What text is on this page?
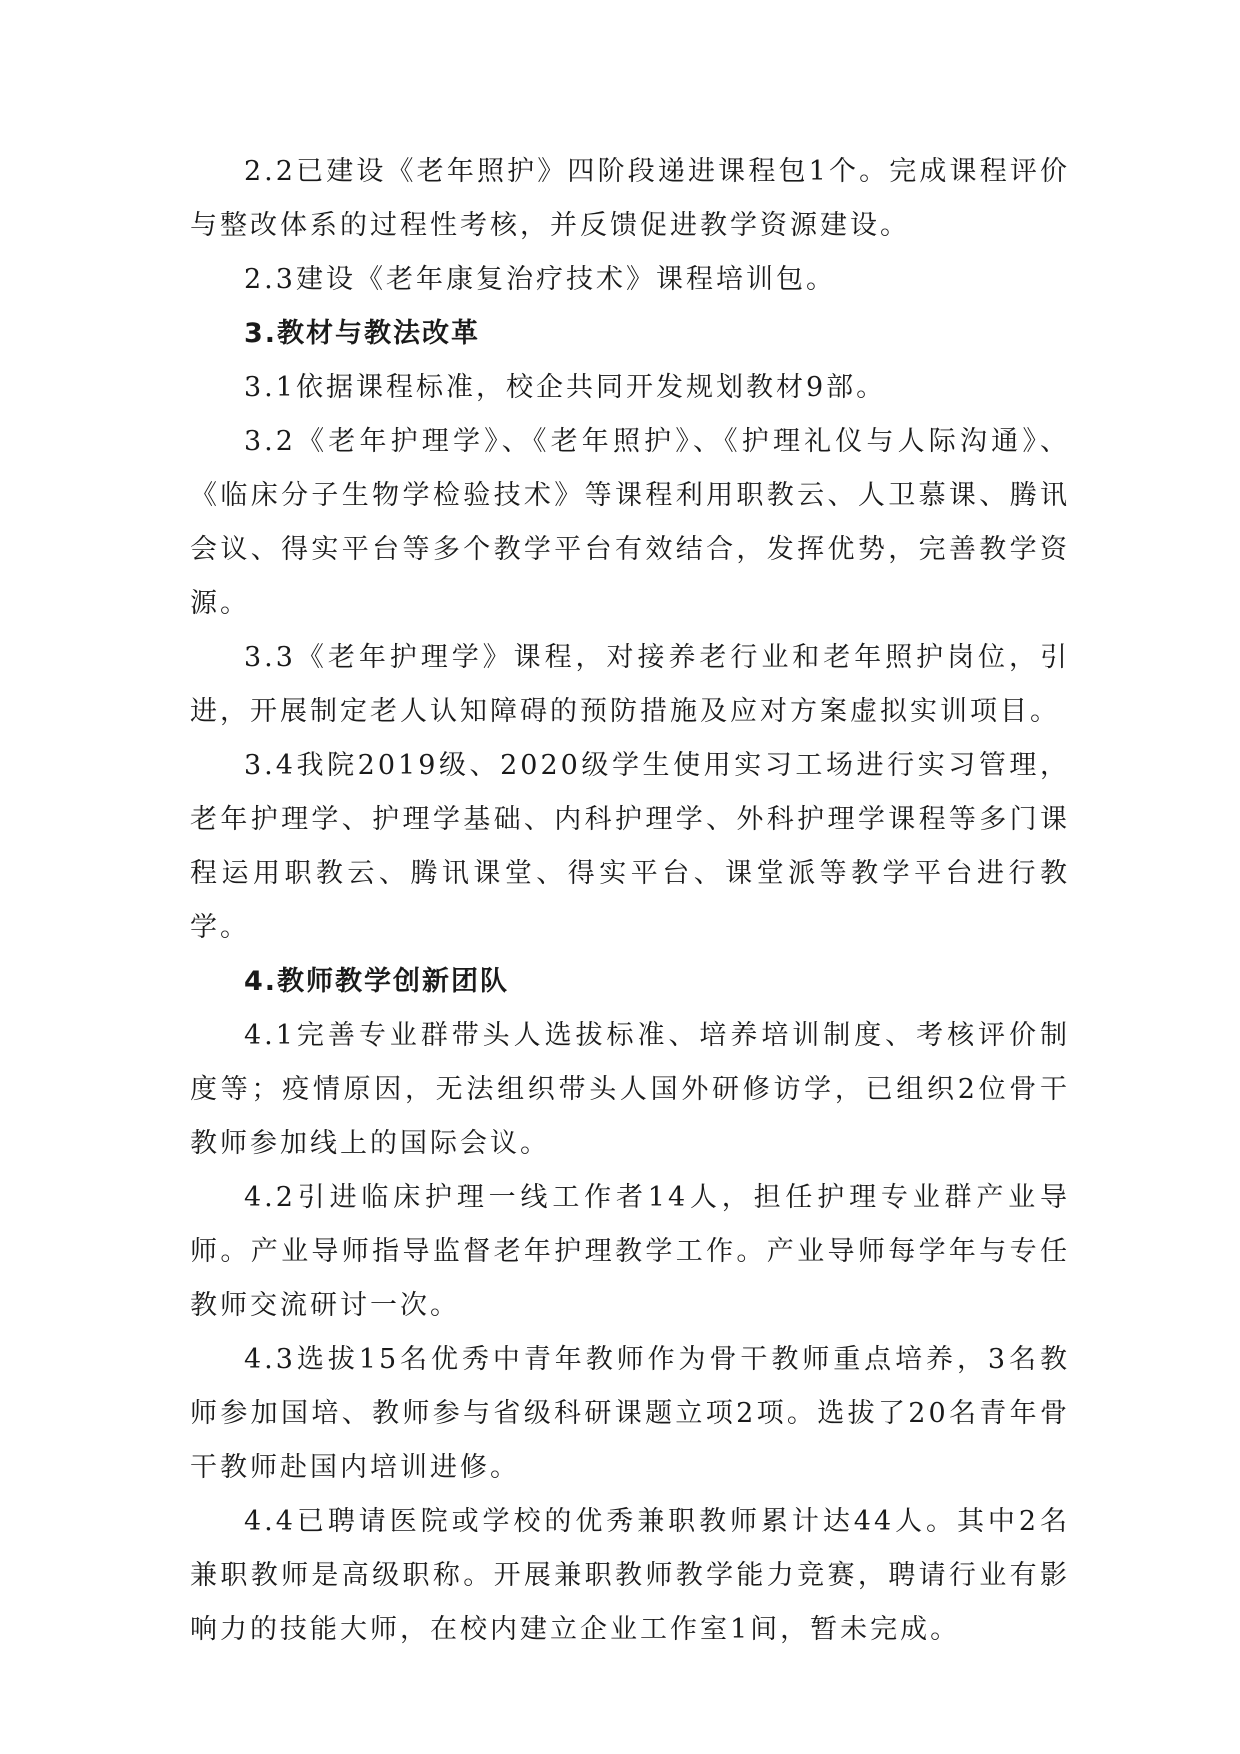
2.2已建设《老年照护》四阶段递进课程包1个。完成课程评价与整改体系的过程性考核，并反馈促进教学资源建设。

2.3建设《老年康复治疗技术》课程培训包。

3.教材与教法改革

3.1依据课程标准，校企共同开发规划教材9部。

3.2《老年护理学》、《老年照护》、《护理礼仪与人际沟通》、《临床分子生物学检验技术》等课程利用职教云、人卫慕课、腾讯会议、得实平台等多个教学平台有效结合，发挥优势，完善教学资源。

3.3《老年护理学》课程，对接养老行业和老年照护岗位，引进，开展制定老人认知障碍的预防措施及应对方案虚拟实训项目。

3.4我院2019级、2020级学生使用实习工场进行实习管理，老年护理学、护理学基础、内科护理学、外科护理学课程等多门课程运用职教云、腾讯课堂、得实平台、课堂派等教学平台进行教学。

4.教师教学创新团队

4.1完善专业群带头人选拔标准、培养培训制度、考核评价制度等；疫情原因，无法组织带头人国外研修访学，已组织2位骨干教师参加线上的国际会议。

4.2引进临床护理一线工作者14人，担任护理专业群产业导师。产业导师指导监督老年护理教学工作。产业导师每学年与专任教师交流研讨一次。

4.3选拔15名优秀中青年教师作为骨干教师重点培养，3名教师参加国培、教师参与省级科研课题立项2项。选拔了20名青年骨干教师赴国内培训进修。

4.4已聘请医院或学校的优秀兼职教师累计达44人。其中2名兼职教师是高级职称。开展兼职教师教学能力竞赛，聘请行业有影响力的技能大师，在校内建立企业工作室1间，暂未完成。
